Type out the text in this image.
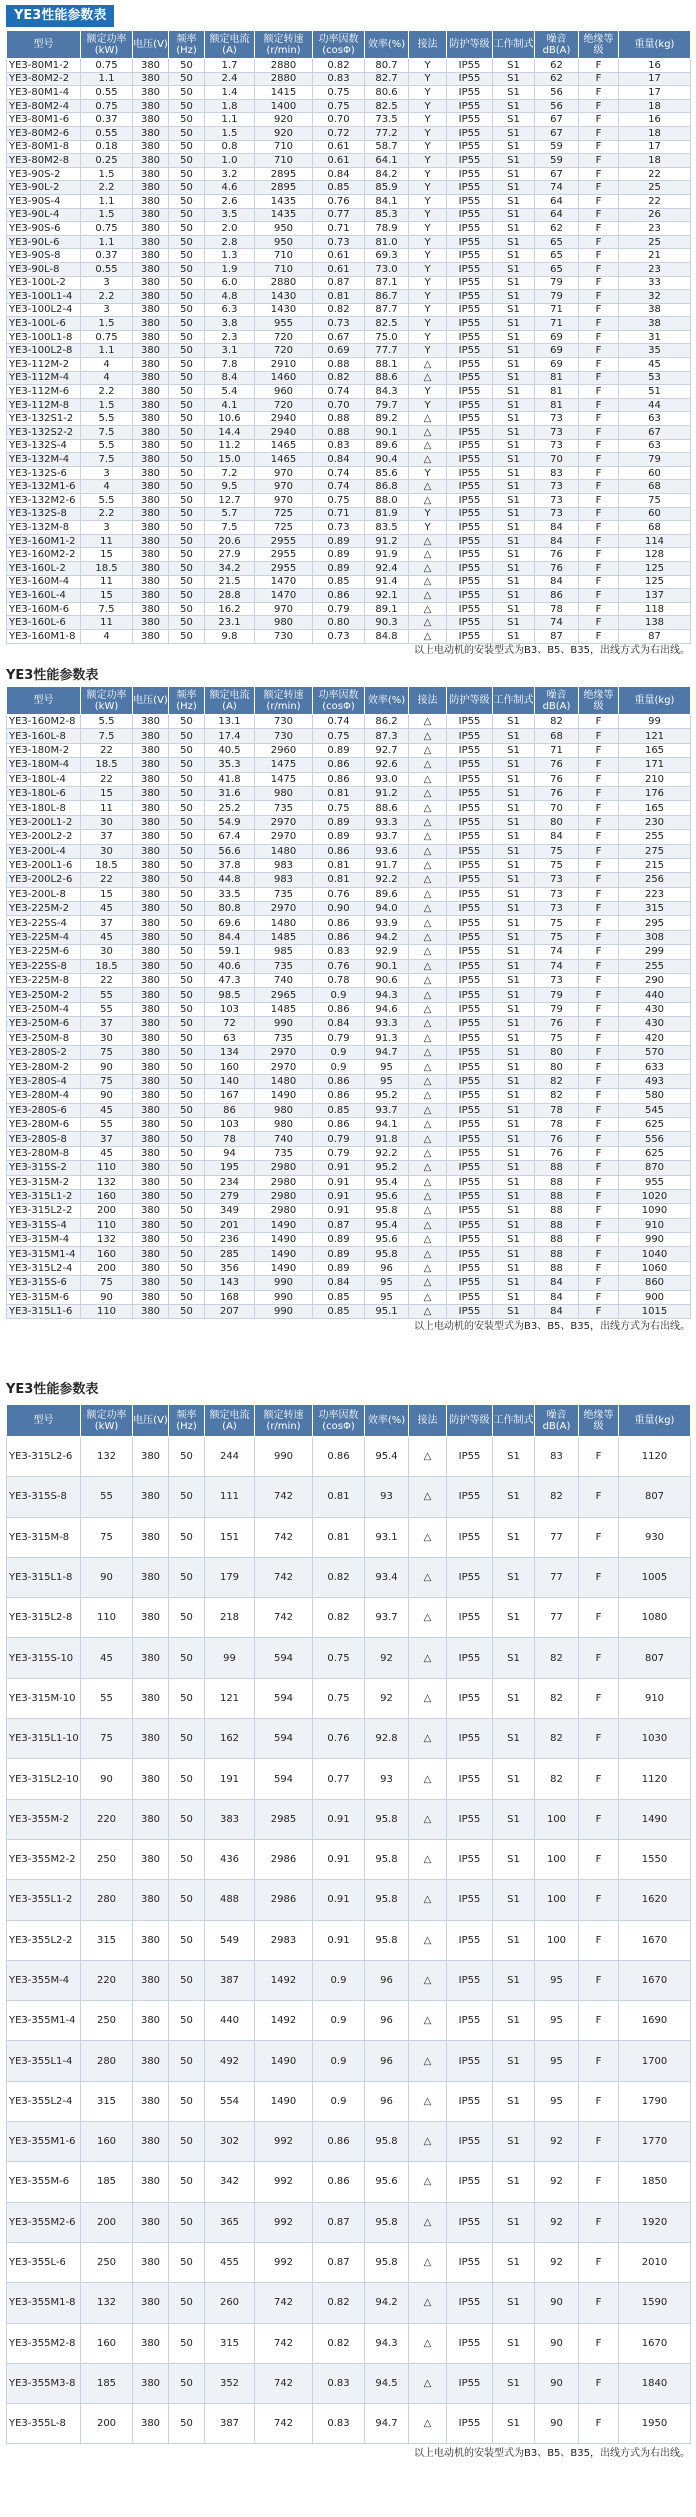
YE3性能参数表
型号	额定功率(kW)	电压(V)	频率(Hz)	额定电流(A)	额定转速(r/min)	功率因数(cosΦ)	效率(%)	接法	防护等级	工作制式	噪音dB(A)	绝缘等级	重量(kg)
YE3-80M1-2	0.75	380	50	1.7	2880	0.82	80.7	Y	IP55	S1	62	F	16
YE3-80M2-2	1.1	380	50	2.4	2880	0.83	82.7	Y	IP55	S1	62	F	17
YE3-80M1-4	0.55	380	50	1.4	1415	0.75	80.6	Y	IP55	S1	56	F	17
YE3-80M2-4	0.75	380	50	1.8	1400	0.75	82.5	Y	IP55	S1	56	F	18
YE3-80M1-6	0.37	380	50	1.1	920	0.70	73.5	Y	IP55	S1	67	F	16
YE3-80M2-6	0.55	380	50	1.5	920	0.72	77.2	Y	IP55	S1	67	F	18
YE3-80M1-8	0.18	380	50	0.8	710	0.61	58.7	Y	IP55	S1	59	F	17
YE3-80M2-8	0.25	380	50	1.0	710	0.61	64.1	Y	IP55	S1	59	F	18
YE3-90S-2	1.5	380	50	3.2	2895	0.84	84.2	Y	IP55	S1	67	F	22
YE3-90L-2	2.2	380	50	4.6	2895	0.85	85.9	Y	IP55	S1	74	F	25
YE3-90S-4	1.1	380	50	2.6	1435	0.76	84.1	Y	IP55	S1	64	F	22
YE3-90L-4	1.5	380	50	3.5	1435	0.77	85.3	Y	IP55	S1	64	F	26
YE3-90S-6	0.75	380	50	2.0	950	0.71	78.9	Y	IP55	S1	62	F	23
YE3-90L-6	1.1	380	50	2.8	950	0.73	81.0	Y	IP55	S1	65	F	25
YE3-90S-8	0.37	380	50	1.3	710	0.61	69.3	Y	IP55	S1	65	F	21
YE3-90L-8	0.55	380	50	1.9	710	0.61	73.0	Y	IP55	S1	65	F	23
YE3-100L-2	3	380	50	6.0	2880	0.87	87.1	Y	IP55	S1	79	F	33
YE3-100L1-4	2.2	380	50	4.8	1430	0.81	86.7	Y	IP55	S1	79	F	32
YE3-100L2-4	3	380	50	6.3	1430	0.82	87.7	Y	IP55	S1	71	F	38
YE3-100L-6	1.5	380	50	3.8	955	0.73	82.5	Y	IP55	S1	71	F	38
YE3-100L1-8	0.75	380	50	2.3	720	0.67	75.0	Y	IP55	S1	69	F	31
YE3-100L2-8	1.1	380	50	3.1	720	0.69	77.7	Y	IP55	S1	69	F	35
YE3-112M-2	4	380	50	7.8	2910	0.88	88.1	△	IP55	S1	69	F	45
YE3-112M-4	4	380	50	8.4	1460	0.82	88.6	△	IP55	S1	81	F	53
YE3-112M-6	2.2	380	50	5.4	960	0.74	84.3	Y	IP55	S1	81	F	51
YE3-112M-8	1.5	380	50	4.1	720	0.70	79.7	Y	IP55	S1	81	F	44
YE3-132S1-2	5.5	380	50	10.6	2940	0.88	89.2	△	IP55	S1	73	F	63
YE3-132S2-2	7.5	380	50	14.4	2940	0.88	90.1	△	IP55	S1	73	F	67
YE3-132S-4	5.5	380	50	11.2	1465	0.83	89.6	△	IP55	S1	73	F	63
YE3-132M-4	7.5	380	50	15.0	1465	0.84	90.4	△	IP55	S1	70	F	79
YE3-132S-6	3	380	50	7.2	970	0.74	85.6	Y	IP55	S1	83	F	60
YE3-132M1-6	4	380	50	9.5	970	0.74	86.8	△	IP55	S1	73	F	68
YE3-132M2-6	5.5	380	50	12.7	970	0.75	88.0	△	IP55	S1	73	F	75
YE3-132S-8	2.2	380	50	5.7	725	0.71	81.9	Y	IP55	S1	73	F	60
YE3-132M-8	3	380	50	7.5	725	0.73	83.5	Y	IP55	S1	84	F	68
YE3-160M1-2	11	380	50	20.6	2955	0.89	91.2	△	IP55	S1	84	F	114
YE3-160M2-2	15	380	50	27.9	2955	0.89	91.9	△	IP55	S1	76	F	128
YE3-160L-2	18.5	380	50	34.2	2955	0.89	92.4	△	IP55	S1	76	F	125
YE3-160M-4	11	380	50	21.5	1470	0.85	91.4	△	IP55	S1	84	F	125
YE3-160L-4	15	380	50	28.8	1470	0.86	92.1	△	IP55	S1	86	F	137
YE3-160M-6	7.5	380	50	16.2	970	0.79	89.1	△	IP55	S1	78	F	118
YE3-160L-6	11	380	50	23.1	980	0.80	90.3	△	IP55	S1	74	F	138
YE3-160M1-8	4	380	50	9.8	730	0.73	84.8	△	IP55	S1	87	F	87
以上电动机的安装型式为B3、B5、B35，出线方式为右出线。
YE3性能参数表
型号	额定功率(kW)	电压(V)	频率(Hz)	额定电流(A)	额定转速(r/min)	功率因数(cosΦ)	效率(%)	接法	防护等级	工作制式	噪音dB(A)	绝缘等级	重量(kg)
YE3-160M2-8	5.5	380	50	13.1	730	0.74	86.2	△	IP55	S1	82	F	99
YE3-160L-8	7.5	380	50	17.4	730	0.75	87.3	△	IP55	S1	68	F	121
YE3-180M-2	22	380	50	40.5	2960	0.89	92.7	△	IP55	S1	71	F	165
YE3-180M-4	18.5	380	50	35.3	1475	0.86	92.6	△	IP55	S1	76	F	171
YE3-180L-4	22	380	50	41.8	1475	0.86	93.0	△	IP55	S1	76	F	210
YE3-180L-6	15	380	50	31.6	980	0.81	91.2	△	IP55	S1	76	F	176
YE3-180L-8	11	380	50	25.2	735	0.75	88.6	△	IP55	S1	70	F	165
YE3-200L1-2	30	380	50	54.9	2970	0.89	93.3	△	IP55	S1	80	F	230
YE3-200L2-2	37	380	50	67.4	2970	0.89	93.7	△	IP55	S1	84	F	255
YE3-200L-4	30	380	50	56.6	1480	0.86	93.6	△	IP55	S1	75	F	275
YE3-200L1-6	18.5	380	50	37.8	983	0.81	91.7	△	IP55	S1	75	F	215
YE3-200L2-6	22	380	50	44.8	983	0.81	92.2	△	IP55	S1	73	F	256
YE3-200L-8	15	380	50	33.5	735	0.76	89.6	△	IP55	S1	73	F	223
YE3-225M-2	45	380	50	80.8	2970	0.90	94.0	△	IP55	S1	73	F	315
YE3-225S-4	37	380	50	69.6	1480	0.86	93.9	△	IP55	S1	75	F	295
YE3-225M-4	45	380	50	84.4	1485	0.86	94.2	△	IP55	S1	75	F	308
YE3-225M-6	30	380	50	59.1	985	0.83	92.9	△	IP55	S1	74	F	299
YE3-225S-8	18.5	380	50	40.6	735	0.76	90.1	△	IP55	S1	74	F	255
YE3-225M-8	22	380	50	47.3	740	0.78	90.6	△	IP55	S1	73	F	290
YE3-250M-2	55	380	50	98.5	2965	0.9	94.3	△	IP55	S1	79	F	440
YE3-250M-4	55	380	50	103	1485	0.86	94.6	△	IP55	S1	79	F	430
YE3-250M-6	37	380	50	72	990	0.84	93.3	△	IP55	S1	76	F	430
YE3-250M-8	30	380	50	63	735	0.79	91.3	△	IP55	S1	75	F	420
YE3-280S-2	75	380	50	134	2970	0.9	94.7	△	IP55	S1	80	F	570
YE3-280M-2	90	380	50	160	2970	0.9	95	△	IP55	S1	80	F	633
YE3-280S-4	75	380	50	140	1480	0.86	95	△	IP55	S1	82	F	493
YE3-280M-4	90	380	50	167	1490	0.86	95.2	△	IP55	S1	82	F	580
YE3-280S-6	45	380	50	86	980	0.85	93.7	△	IP55	S1	78	F	545
YE3-280M-6	55	380	50	103	980	0.86	94.1	△	IP55	S1	78	F	625
YE3-280S-8	37	380	50	78	740	0.79	91.8	△	IP55	S1	76	F	556
YE3-280M-8	45	380	50	94	735	0.79	92.2	△	IP55	S1	76	F	625
YE3-315S-2	110	380	50	195	2980	0.91	95.2	△	IP55	S1	88	F	870
YE3-315M-2	132	380	50	234	2980	0.91	95.4	△	IP55	S1	88	F	955
YE3-315L1-2	160	380	50	279	2980	0.91	95.6	△	IP55	S1	88	F	1020
YE3-315L2-2	200	380	50	349	2980	0.91	95.8	△	IP55	S1	88	F	1090
YE3-315S-4	110	380	50	201	1490	0.87	95.4	△	IP55	S1	88	F	910
YE3-315M-4	132	380	50	236	1490	0.89	95.6	△	IP55	S1	88	F	990
YE3-315M1-4	160	380	50	285	1490	0.89	95.8	△	IP55	S1	88	F	1040
YE3-315L2-4	200	380	50	356	1490	0.89	96	△	IP55	S1	88	F	1060
YE3-315S-6	75	380	50	143	990	0.84	95	△	IP55	S1	84	F	860
YE3-315M-6	90	380	50	168	990	0.85	95	△	IP55	S1	84	F	900
YE3-315L1-6	110	380	50	207	990	0.85	95.1	△	IP55	S1	84	F	1015
以上电动机的安装型式为B3、B5、B35，出线方式为右出线。
YE3性能参数表
型号	额定功率(kW)	电压(V)	频率(Hz)	额定电流(A)	额定转速(r/min)	功率因数(cosΦ)	效率(%)	接法	防护等级	工作制式	噪音dB(A)	绝缘等级	重量(kg)
YE3-315L2-6	132	380	50	244	990	0.86	95.4	△	IP55	S1	83	F	1120
YE3-315S-8	55	380	50	111	742	0.81	93	△	IP55	S1	82	F	807
YE3-315M-8	75	380	50	151	742	0.81	93.1	△	IP55	S1	77	F	930
YE3-315L1-8	90	380	50	179	742	0.82	93.4	△	IP55	S1	77	F	1005
YE3-315L2-8	110	380	50	218	742	0.82	93.7	△	IP55	S1	77	F	1080
YE3-315S-10	45	380	50	99	594	0.75	92	△	IP55	S1	82	F	807
YE3-315M-10	55	380	50	121	594	0.75	92	△	IP55	S1	82	F	910
YE3-315L1-10	75	380	50	162	594	0.76	92.8	△	IP55	S1	82	F	1030
YE3-315L2-10	90	380	50	191	594	0.77	93	△	IP55	S1	82	F	1120
YE3-355M-2	220	380	50	383	2985	0.91	95.8	△	IP55	S1	100	F	1490
YE3-355M2-2	250	380	50	436	2986	0.91	95.8	△	IP55	S1	100	F	1550
YE3-355L1-2	280	380	50	488	2986	0.91	95.8	△	IP55	S1	100	F	1620
YE3-355L2-2	315	380	50	549	2983	0.91	95.8	△	IP55	S1	100	F	1670
YE3-355M-4	220	380	50	387	1492	0.9	96	△	IP55	S1	95	F	1670
YE3-355M1-4	250	380	50	440	1492	0.9	96	△	IP55	S1	95	F	1690
YE3-355L1-4	280	380	50	492	1490	0.9	96	△	IP55	S1	95	F	1700
YE3-355L2-4	315	380	50	554	1490	0.9	96	△	IP55	S1	95	F	1790
YE3-355M1-6	160	380	50	302	992	0.86	95.8	△	IP55	S1	92	F	1770
YE3-355M-6	185	380	50	342	992	0.86	95.6	△	IP55	S1	92	F	1850
YE3-355M2-6	200	380	50	365	992	0.87	95.8	△	IP55	S1	92	F	1920
YE3-355L-6	250	380	50	455	992	0.87	95.8	△	IP55	S1	92	F	2010
YE3-355M1-8	132	380	50	260	742	0.82	94.2	△	IP55	S1	90	F	1590
YE3-355M2-8	160	380	50	315	742	0.82	94.3	△	IP55	S1	90	F	1670
YE3-355M3-8	185	380	50	352	742	0.83	94.5	△	IP55	S1	90	F	1840
YE3-355L-8	200	380	50	387	742	0.83	94.7	△	IP55	S1	90	F	1950
以上电动机的安装型式为B3、B5、B35，出线方式为右出线。
